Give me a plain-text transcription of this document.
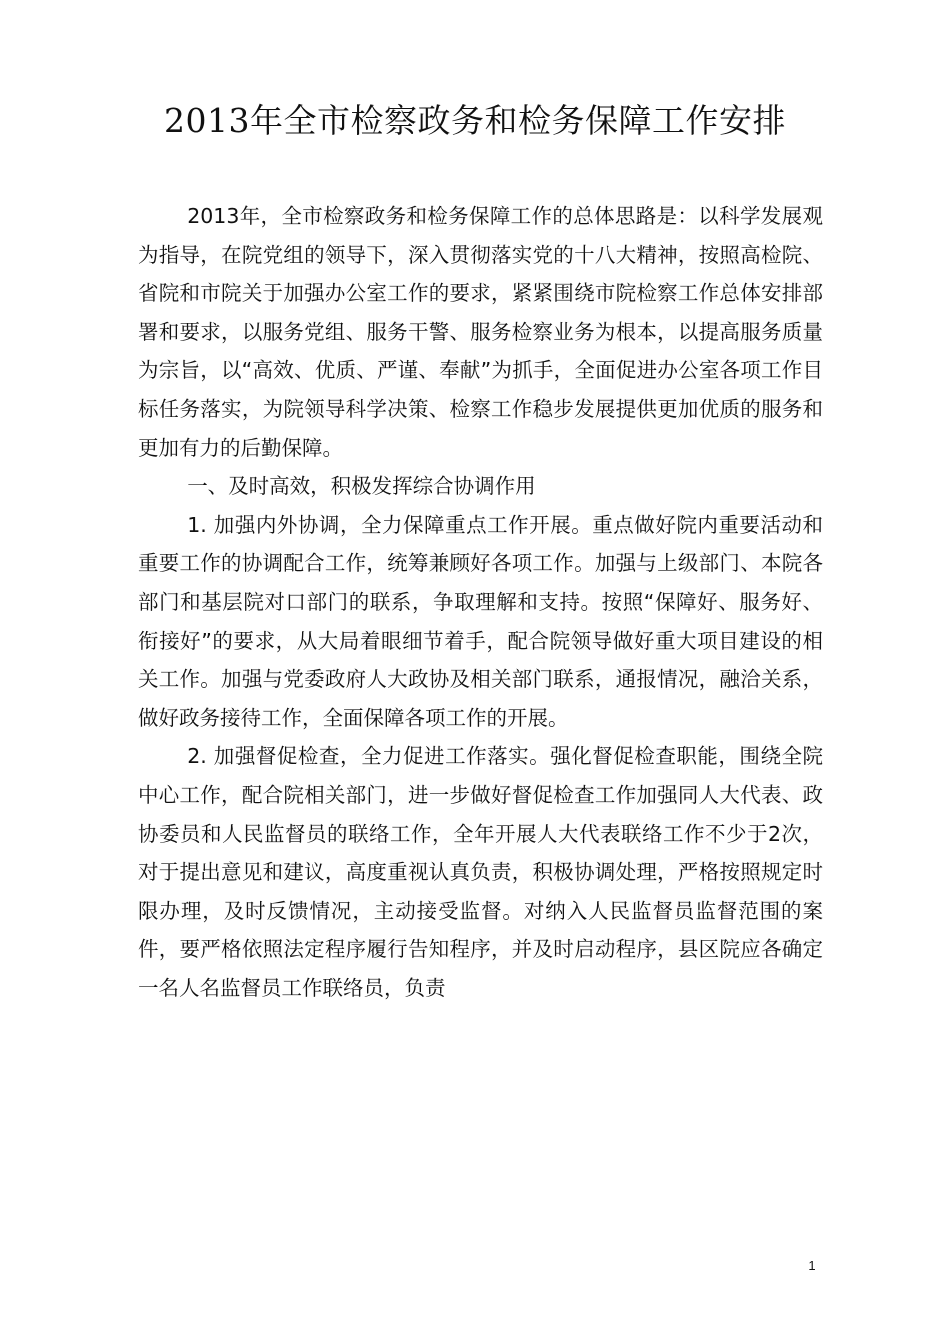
2013年全市检察政务和检务保障工作安排

2013年，全市检察政务和检务保障工作的总体思路是：以科学发展观为指导，在院党组的领导下，深入贯彻落实党的十八大精神，按照高检院、省院和市院关于加强办公室工作的要求，紧紧围绕市院检察工作总体安排部署和要求，以服务党组、服务干警、服务检察业务为根本，以提高服务质量为宗旨，以“高效、优质、严谨、奉献”为抓手，全面促进办公室各项工作目标任务落实，为院领导科学决策、检察工作稳步发展提供更加优质的服务和更加有力的后勤保障。

一、及时高效，积极发挥综合协调作用

1. 加强内外协调，全力保障重点工作开展。重点做好院内重要活动和重要工作的协调配合工作，统筹兼顾好各项工作。加强与上级部门、本院各部门和基层院对口部门的联系，争取理解和支持。按照“保障好、服务好、衔接好”的要求，从大局着眼细节着手，配合院领导做好重大项目建设的相关工作。加强与党委政府人大政协及相关部门联系，通报情况，融洽关系，做好政务接待工作，全面保障各项工作的开展。

2. 加强督促检查，全力促进工作落实。强化督促检查职能，围绕全院中心工作，配合院相关部门，进一步做好督促检查工作加强同人大代表、政协委员和人民监督员的联络工作，全年开展人大代表联络工作不少于2次，对于提出意见和建议，高度重视认真负责，积极协调处理，严格按照规定时限办理，及时反馈情况，主动接受监督。对纳入人民监督员监督范围的案件，要严格依照法定程序履行告知程序，并及时启动程序，县区院应各确定一名人名监督员工作联络员，负责

1
